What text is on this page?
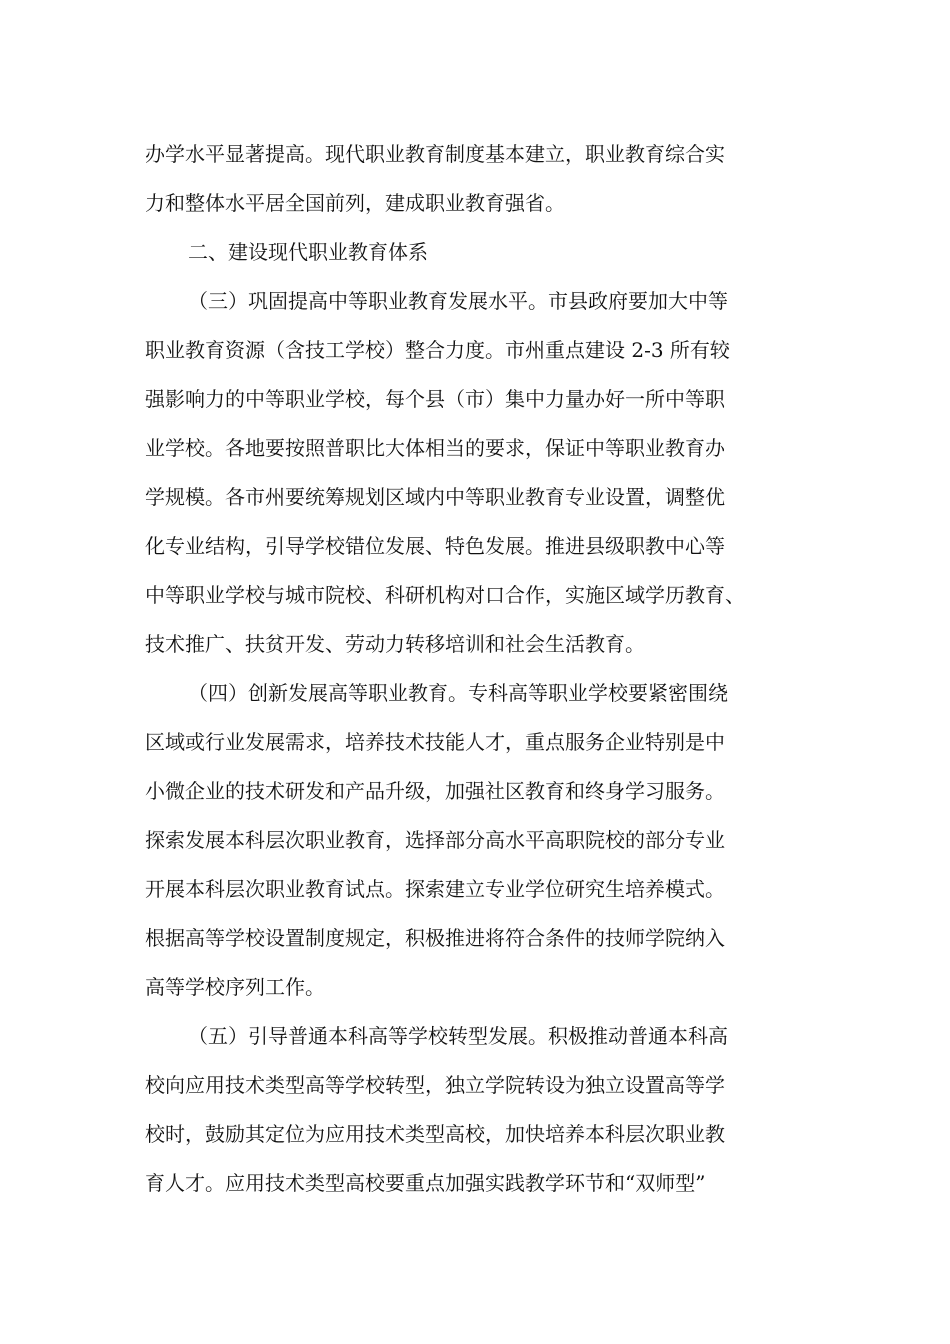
办学水平显著提高。现代职业教育制度基本建立，职业教育综合实
力和整体水平居全国前列，建成职业教育强省。
二、建设现代职业教育体系
（三）巩固提高中等职业教育发展水平。市县政府要加大中等
职业教育资源（含技工学校）整合力度。市州重点建设 2-3 所有较
强影响力的中等职业学校，每个县（市）集中力量办好一所中等职
业学校。各地要按照普职比大体相当的要求，保证中等职业教育办
学规模。各市州要统筹规划区域内中等职业教育专业设置，调整优
化专业结构，引导学校错位发展、特色发展。推进县级职教中心等
中等职业学校与城市院校、科研机构对口合作，实施区域学历教育、
技术推广、扶贫开发、劳动力转移培训和社会生活教育。
（四）创新发展高等职业教育。专科高等职业学校要紧密围绕
区域或行业发展需求，培养技术技能人才，重点服务企业特别是中
小微企业的技术研发和产品升级，加强社区教育和终身学习服务。
探索发展本科层次职业教育，选择部分高水平高职院校的部分专业
开展本科层次职业教育试点。探索建立专业学位研究生培养模式。
根据高等学校设置制度规定，积极推进将符合条件的技师学院纳入
高等学校序列工作。
（五）引导普通本科高等学校转型发展。积极推动普通本科高
校向应用技术类型高等学校转型，独立学院转设为独立设置高等学
校时，鼓励其定位为应用技术类型高校，加快培养本科层次职业教
育人才。应用技术类型高校要重点加强实践教学环节和“双师型”
